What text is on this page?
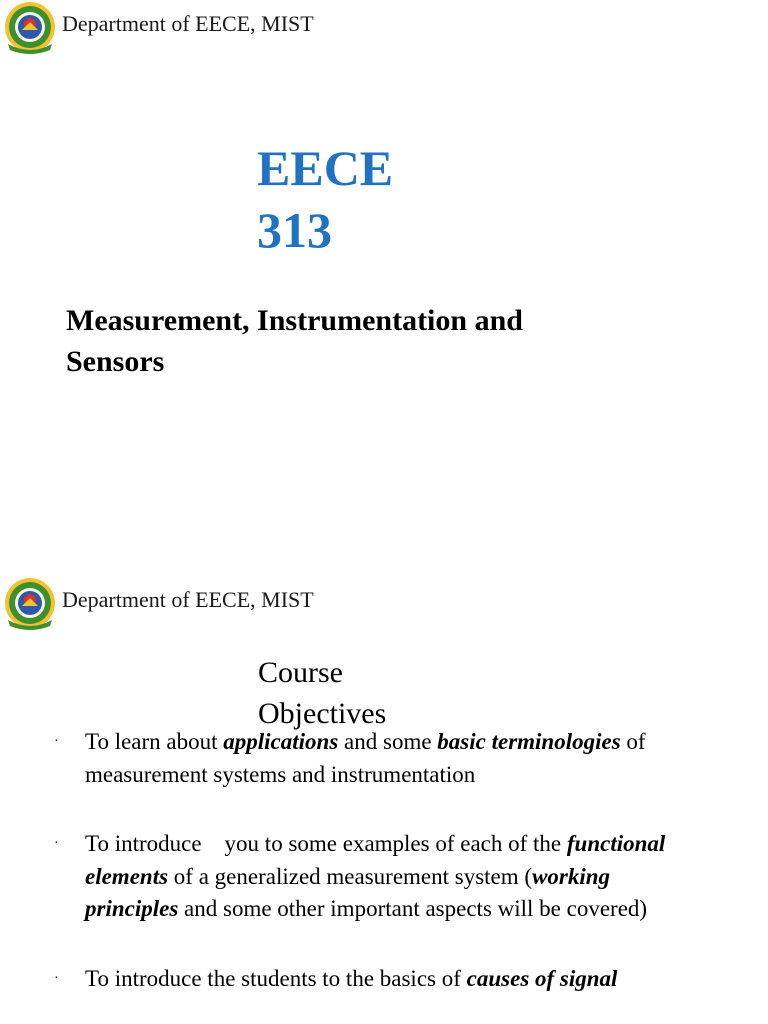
Department of EECE, MIST
EECE
313
Measurement, Instrumentation and Sensors
Department of EECE, MIST
Course
Objectives
· To learn about applications and some basic terminologies of measurement systems and instrumentation
· To introduce    you to some examples of each of the functional elements of a generalized measurement system (working principles and some other important aspects will be covered)
· To introduce the students to the basics of causes of signal
